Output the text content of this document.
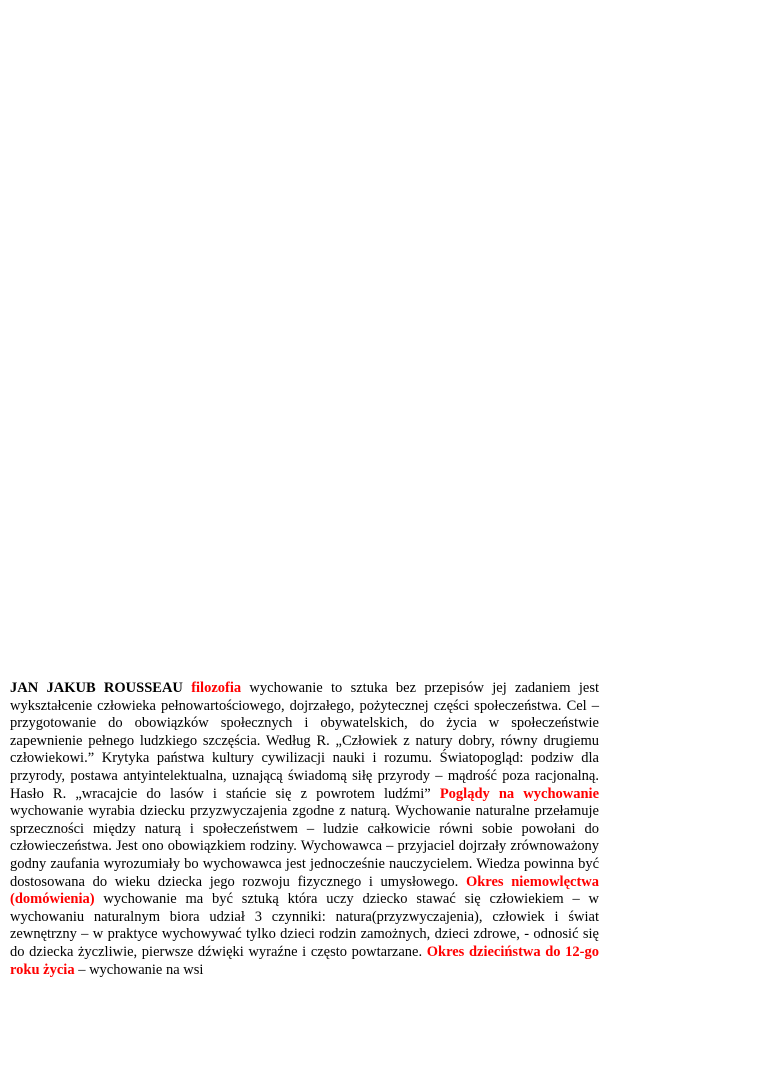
JAN JAKUB ROUSSEAU filozofia wychowanie to sztuka bez przepisów jej zadaniem jest wykształcenie człowieka pełnowartościowego, dojrzałego, pożytecznej części społeczeństwa. Cel – przygotowanie do obowiązków społecznych i obywatelskich, do życia w społeczeństwie zapewnienie pełnego ludzkiego szczęścia. Według R. „Człowiek z natury dobry, równy drugiemu człowiekowi.” Krytyka państwa kultury cywilizacji nauki i rozumu. Światopogląd: podziw dla przyrody, postawa antyintelektualna, uznającą świadomą siłę przyrody – mądrość poza racjonalną. Hasło R. „wracajcie do lasów i stańcie się z powrotem ludźmi” Poglądy na wychowanie wychowanie wyrabia dziecku przyzwyczajenia zgodne z naturą. Wychowanie naturalne przełamuje sprzeczności między naturą i społeczeństwem – ludzie całkowicie równi sobie powołani do człowieczeństwa. Jest ono obowiązkiem rodziny. Wychowawca – przyjaciel dojrzały zrównoważony godny zaufania wyrozumiały bo wychowawca jest jednocześnie nauczycielem. Wiedza powinna być dostosowana do wieku dziecka jego rozwoju fizycznego i umysłowego. Okres niemowlęctwa (domówienia) wychowanie ma być sztuką która uczy dziecko stawać się człowiekiem – w wychowaniu naturalnym biora udział 3 czynniki: natura(przyzwyczajenia), człowiek i świat zewnętrzny – w praktyce wychowywać tylko dzieci rodzin zamożnych, dzieci zdrowe, - odnosić się do dziecka życzliwie, pierwsze dźwięki wyraźne i często powtarzane. Okres dzieciństwa do 12-go roku życia – wychowanie na wsi
